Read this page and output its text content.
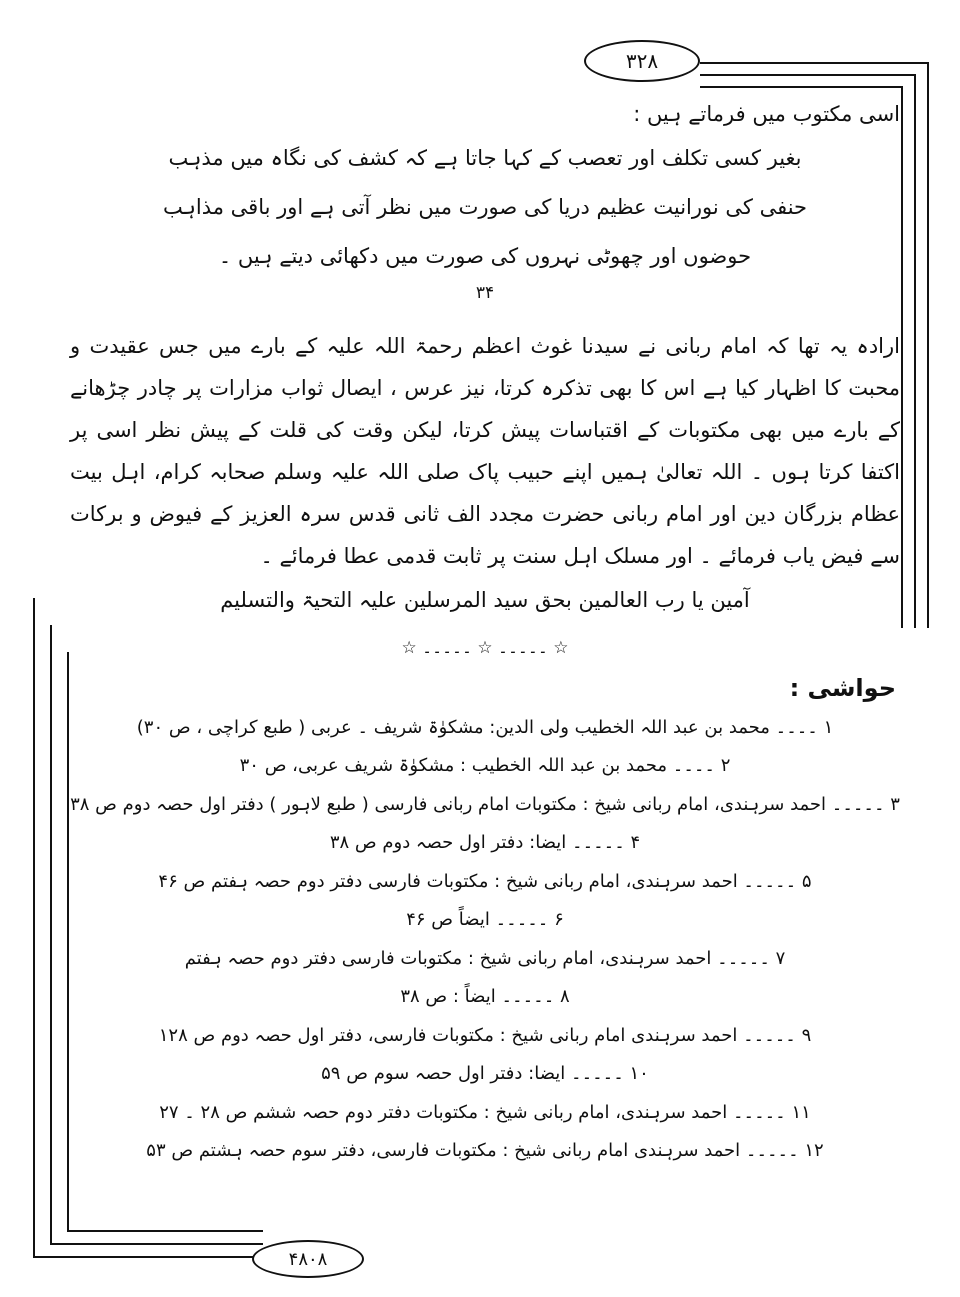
۳۲۸
۴۸۰۸

اسی مکتوب میں فرماتے ہیں :

بغیر کسی تکلف اور تعصب کے کہا جاتا ہے کہ کشف کی نگاہ میں مذہب

حنفی کی نورانیت عظیم دریا کی صورت میں نظر آتی ہے اور باقی مذاہب

حوضوں اور چھوٹی نہروں کی صورت میں دکھائی دیتے ہیں ۔

۳۴

ارادہ یہ تھا کہ امام ربانی نے سیدنا غوث اعظم رحمۃ اللہ علیہ کے بارے میں جس عقیدت و محبت کا اظہار کیا ہے اس کا بھی تذکرہ کرتا، نیز عرس ، ایصال ثواب مزارات پر چادر چڑھانے کے بارے میں بھی مکتوبات کے اقتباسات پیش کرتا، لیکن وقت کی قلت کے پیش نظر اسی پر اکتفا کرتا ہوں ۔ اللہ تعالیٰ ہمیں اپنے حبیب پاک صلی اللہ علیہ وسلم صحابہ کرام، اہل بیت عظام بزرگان دین اور امام ربانی حضرت مجدد الف ثانی قدس سرہ العزیز کے فیوض و برکات سے فیض یاب فرمائے ۔ اور مسلک اہل سنت پر ثابت قدمی عطا فرمائے ۔

آمین یا رب العالمین بحق سید المرسلین علیہ التحیۃ والتسلیم

☆ ۔۔۔۔۔ ☆ ۔۔۔۔۔ ☆
حواشی :

۱ ۔۔۔۔ محمد بن عبد اللہ الخطیب ولی الدین: مشکوٰۃ شریف ۔ عربی ( طبع کراچی ، ص ۳۰)

۲ ۔۔۔۔ محمد بن عبد اللہ الخطیب : مشکوٰۃ شریف عربی، ص ۳۰

۳ ۔۔۔۔۔ احمد سرہندی، امام ربانی شیخ : مکتوبات امام ربانی فارسی ( طبع لاہور ) دفتر اول حصہ دوم ص ۳۸

۴ ۔۔۔۔۔ ایضا: دفتر اول حصہ دوم ص ۳۸

۵ ۔۔۔۔۔ احمد سرہندی، امام ربانی شیخ : مکتوبات فارسی دفتر دوم حصہ ہفتم ص ۴۶

۶ ۔۔۔۔۔ ایضاً ص ۴۶

۷ ۔۔۔۔۔ احمد سرہندی، امام ربانی شیخ : مکتوبات فارسی دفتر دوم حصہ ہفتم

۸ ۔۔۔۔۔ ایضاً : ص ۳۸

۹ ۔۔۔۔۔ احمد سرہندی امام ربانی شیخ : مکتوبات فارسی، دفتر اول حصہ دوم ص ۱۲۸

۱۰ ۔۔۔۔۔ ایضا: دفتر اول حصہ سوم ص ۵۹

۱۱ ۔۔۔۔۔ احمد سرہندی، امام ربانی شیخ : مکتوبات دفتر دوم حصہ ششم ص ۲۸ ۔ ۲۷

۱۲ ۔۔۔۔۔ احمد سرہندی امام ربانی شیخ : مکتوبات فارسی، دفتر سوم حصہ ہشتم ص ۵۳
